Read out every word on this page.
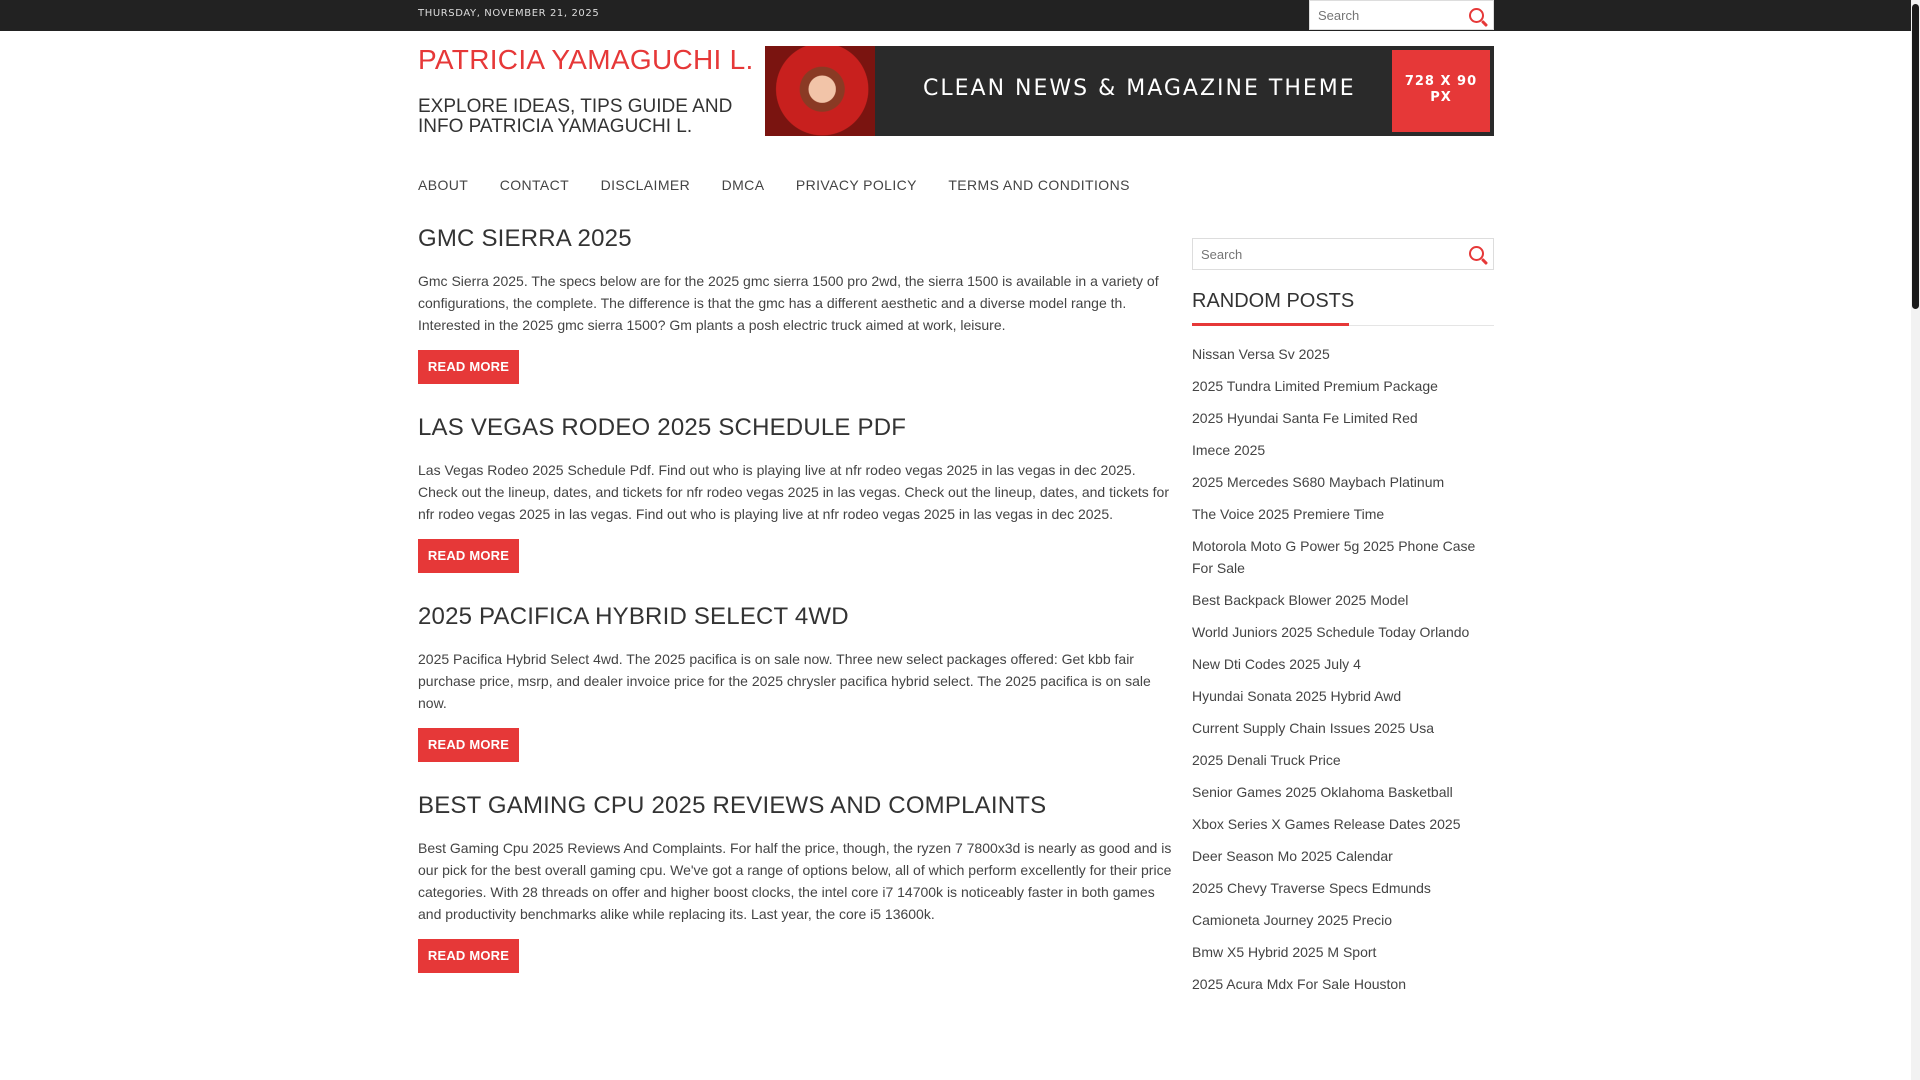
THURSDAY, NOVEMBER 21, 2025
Search
PATRICIA YAMAGUCHI L.
EXPLORE IDEAS, TIPS GUIDE AND INFO PATRICIA YAMAGUCHI L.
CLEAN NEWS & MAGAZINE THEME	728 X 90 PX
ABOUT CONTACT DISCLAIMER DMCA PRIVACY POLICY TERMS AND CONDITIONS
GMC SIERRA 2025

Gmc Sierra 2025. The specs below are for the 2025 gmc sierra 1500 pro 2wd, the sierra 1500 is available in a variety of configurations, the complete. The difference is that the gmc has a different aesthetic and a diverse model range th. Interested in the 2025 gmc sierra 1500? Gm plants a posh electric truck aimed at work, leisure.

READ MORE
LAS VEGAS RODEO 2025 SCHEDULE PDF

Las Vegas Rodeo 2025 Schedule Pdf. Find out who is playing live at nfr rodeo vegas 2025 in las vegas in dec 2025. Check out the lineup, dates, and tickets for nfr rodeo vegas 2025 in las vegas. Check out the lineup, dates, and tickets for nfr rodeo vegas 2025 in las vegas. Find out who is playing live at nfr rodeo vegas 2025 in las vegas in dec 2025.

READ MORE
2025 PACIFICA HYBRID SELECT 4WD

2025 Pacifica Hybrid Select 4wd. The 2025 pacifica is on sale now. Three new select packages offered: Get kbb fair purchase price, msrp, and dealer invoice price for the 2025 chrysler pacifica hybrid select. The 2025 pacifica is on sale now.

READ MORE
BEST GAMING CPU 2025 REVIEWS AND COMPLAINTS

Best Gaming Cpu 2025 Reviews And Complaints. For half the price, though, the ryzen 7 7800x3d is nearly as good and is our pick for the best overall gaming cpu. We've got a range of options below, all of which perform excellently for their price categories. With 28 threads on offer and higher boost clocks, the intel core i7 14700k is noticeably faster in both games and productivity benchmarks alike while replacing its. Last year, the core i5 13600k.

READ MORE
Search
RANDOM POSTS
Nissan Versa Sv 2025
2025 Tundra Limited Premium Package
2025 Hyundai Santa Fe Limited Red
Imece 2025
2025 Mercedes S680 Maybach Platinum
The Voice 2025 Premiere Time
Motorola Moto G Power 5g 2025 Phone Case For Sale
Best Backpack Blower 2025 Model
World Juniors 2025 Schedule Today Orlando
New Dti Codes 2025 July 4
Hyundai Sonata 2025 Hybrid Awd
Current Supply Chain Issues 2025 Usa
2025 Denali Truck Price
Senior Games 2025 Oklahoma Basketball
Xbox Series X Games Release Dates 2025
Deer Season Mo 2025 Calendar
2025 Chevy Traverse Specs Edmunds
Camioneta Journey 2025 Precio
Bmw X5 Hybrid 2025 M Sport
2025 Acura Mdx For Sale Houston
